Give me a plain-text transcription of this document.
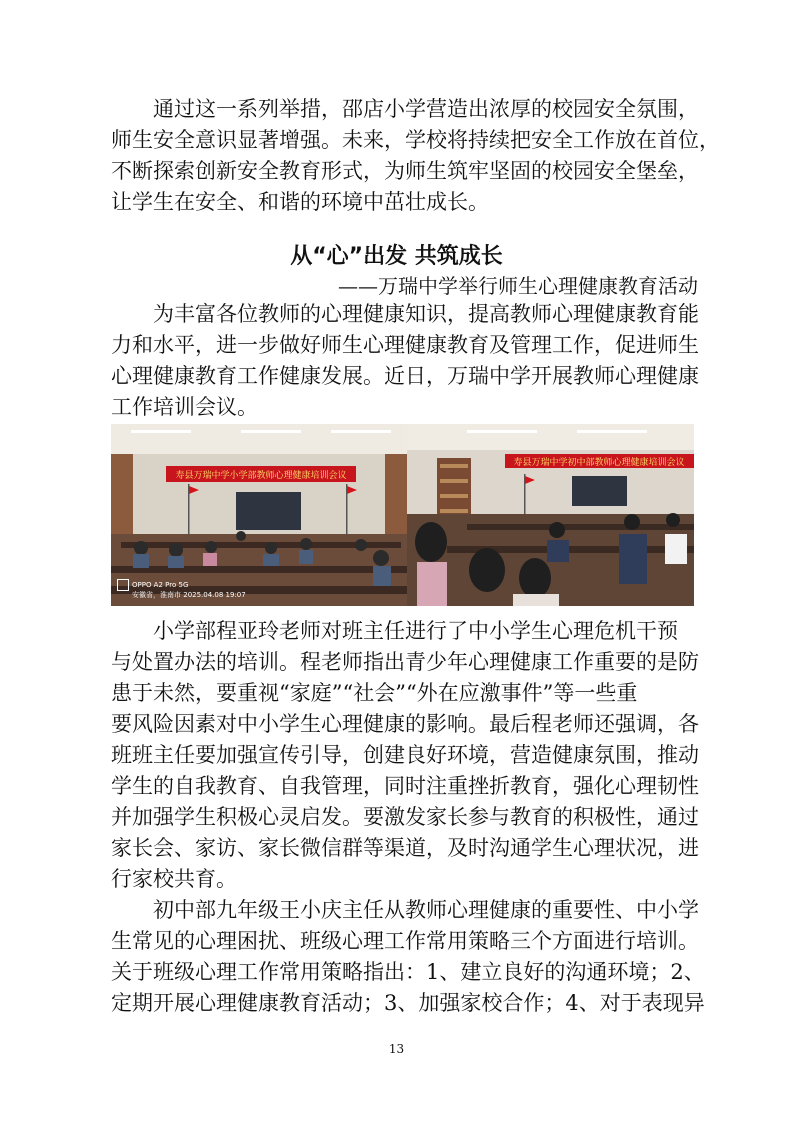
　　通过这一系列举措，邵店小学营造出浓厚的校园安全氛围，
师生安全意识显著增强。未来，学校将持续把安全工作放在首位，
不断探索创新安全教育形式，为师生筑牢坚固的校园安全堡垒，
让学生在安全、和谐的环境中茁壮成长。
从“心”出发 共筑成长
——万瑞中学举行师生心理健康教育活动
　　为丰富各位教师的心理健康知识，提高教师心理健康教育能
力和水平，进一步做好师生心理健康教育及管理工作，促进师生
心理健康教育工作健康发展。近日，万瑞中学开展教师心理健康
工作培训会议。
寿县万瑞中学小学部教师心理健康培训会议
OPPO A2 Pro 5G
安徽省，淮南市 2025.04.08 19:07
寿县万瑞中学初中部教师心理健康培训会议
　　小学部程亚玲老师对班主任进行了中小学生心理危机干预
与处置办法的培训。程老师指出青少年心理健康工作重要的是防
患于未然，要重视“家庭”“社会”“外在应激事件”等一些重
要风险因素对中小学生心理健康的影响。最后程老师还强调，各
班班主任要加强宣传引导，创建良好环境，营造健康氛围，推动
学生的自我教育、自我管理，同时注重挫折教育，强化心理韧性
并加强学生积极心灵启发。要激发家长参与教育的积极性，通过
家长会、家访、家长微信群等渠道，及时沟通学生心理状况，进
行家校共育。
　　初中部九年级王小庆主任从教师心理健康的重要性、中小学
生常见的心理困扰、班级心理工作常用策略三个方面进行培训。
关于班级心理工作常用策略指出：1、建立良好的沟通环境；2、
定期开展心理健康教育活动；3、加强家校合作；4、对于表现异
13
